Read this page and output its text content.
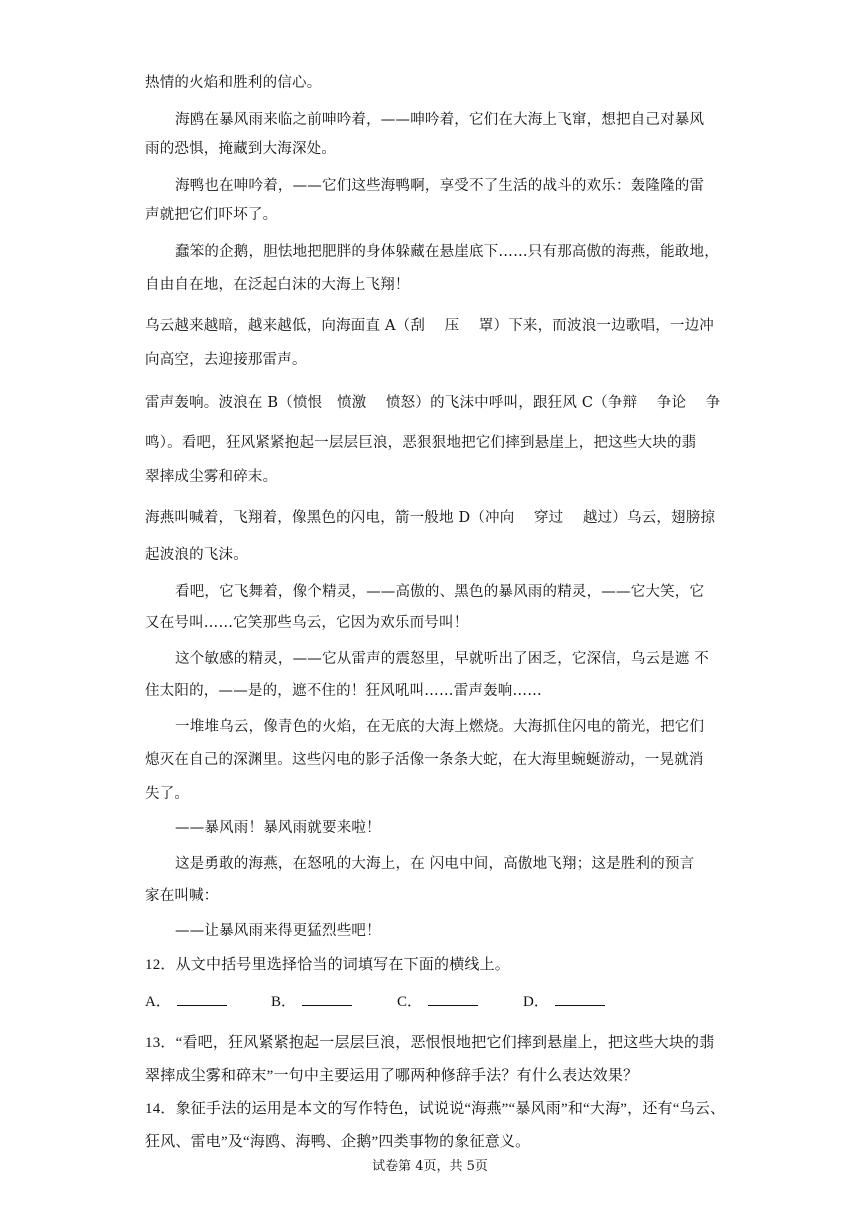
热情的火焰和胜利的信心。
海鸥在暴风雨来临之前呻吟着，——呻吟着，它们在大海上飞窜，想把自己对暴风
雨的恐惧，掩藏到大海深处。
海鸭也在呻吟着，——它们这些海鸭啊，享受不了生活的战斗的欢乐：轰隆隆的雷
声就把它们吓坏了。
蠢笨的企鹅，胆怯地把肥胖的身体躲藏在悬崖底下……只有那高傲的海燕，能敢地，
自由自在地，在泛起白沫的大海上飞翔！
乌云越来越暗，越来越低，向海面直 A（刮　 压　 罩）下来，而波浪一边歌唱，一边冲
向高空，去迎接那雷声。
雷声轰响。波浪在 B（愤恨　愤激　 愤怒）的飞沫中呼叫，跟狂风 C（争辩　 争论　 争
鸣）。看吧，狂风紧紧抱起一层层巨浪，恶狠狠地把它们摔到悬崖上，把这些大块的翡
翠摔成尘雾和碎末。
海燕叫喊着，飞翔着，像黑色的闪电，箭一般地 D（冲向　 穿过　 越过）乌云，翅膀掠
起波浪的飞沫。
看吧，它飞舞着，像个精灵，——高傲的、黑色的暴风雨的精灵，——它大笑，它
又在号叫……它笑那些乌云，它因为欢乐而号叫！
这个敏感的精灵，——它从雷声的震怒里，早就听出了困乏，它深信，乌云是遮 不
住太阳的，——是的，遮不住的！狂风吼叫……雷声轰响……
一堆堆乌云，像青色的火焰，在无底的大海上燃烧。大海抓住闪电的箭光，把它们
熄灭在自己的深渊里。这些闪电的影子活像一条条大蛇，在大海里蜿蜒游动，一晃就消
失了。
——暴风雨！暴风雨就要来啦！
这是勇敢的海燕，在怒吼的大海上，在 闪电中间，高傲地飞翔；这是胜利的预言
家在叫喊：
——让暴风雨来得更猛烈些吧！
12．从文中括号里选择恰当的词填写在下面的横线上。
A．	B．	C．	D．
13．“看吧，狂风紧紧抱起一层层巨浪，恶恨恨地把它们摔到悬崖上，把这些大块的翡
翠摔成尘雾和碎末”一句中主要运用了哪两种修辞手法？有什么表达效果？
14．象征手法的运用是本文的写作特色，试说说“海燕”“暴风雨”和“大海”，还有“乌云、
狂风、雷电”及“海鸥、海鸭、企鹅”四类事物的象征意义。
试卷第 4页，共 5页
